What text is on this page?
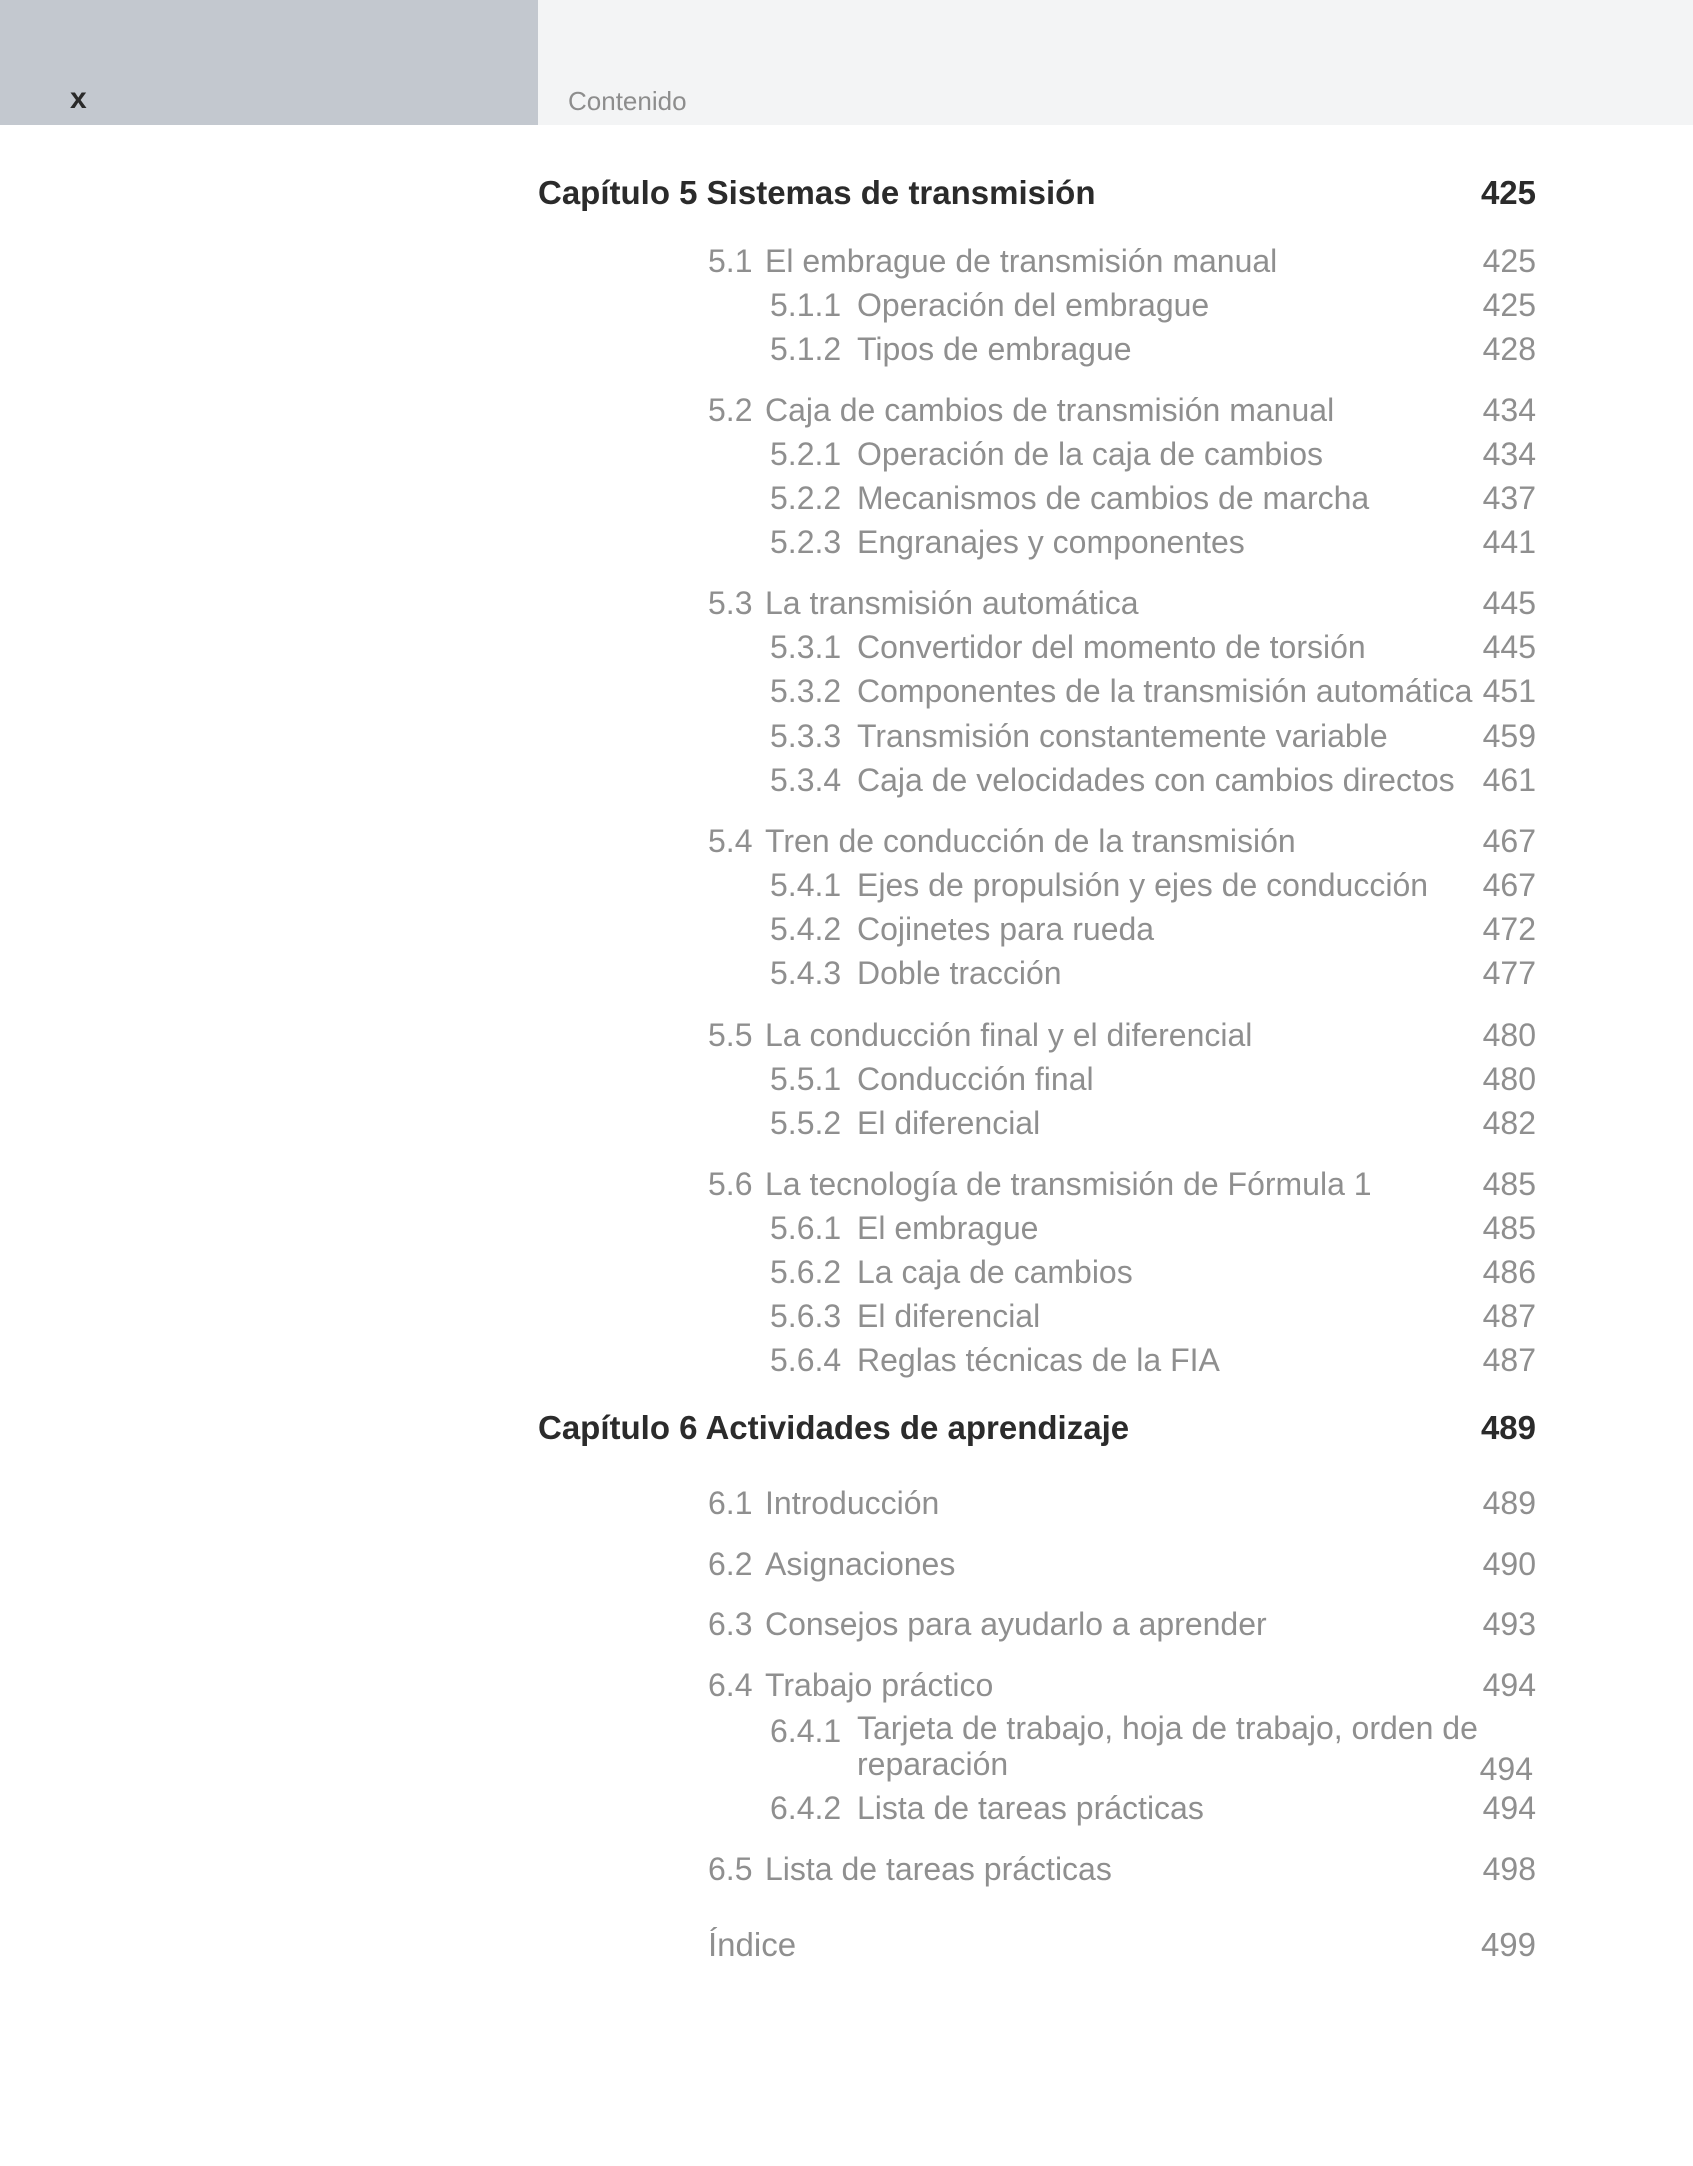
x	Contenido
Capítulo 5 Sistemas de transmisión	425
5.1 El embrague de transmisión manual	425
5.1.1 Operación del embrague	425
5.1.2 Tipos de embrague	428
5.2 Caja de cambios de transmisión manual	434
5.2.1 Operación de la caja de cambios	434
5.2.2 Mecanismos de cambios de marcha	437
5.2.3 Engranajes y componentes	441
5.3 La transmisión automática	445
5.3.1 Convertidor del momento de torsión	445
5.3.2 Componentes de la transmisión automática 451
5.3.3 Transmisión constantemente variable	459
5.3.4 Caja de velocidades con cambios directos 461
5.4 Tren de conducción de la transmisión	467
5.4.1 Ejes de propulsión y ejes de conducción 467
5.4.2 Cojinetes para rueda	472
5.4.3 Doble tracción	477
5.5 La conducción final y el diferencial	480
5.5.1 Conducción final	480
5.5.2 El diferencial	482
5.6 La tecnología de transmisión de Fórmula 1	485
5.6.1 El embrague	485
5.6.2 La caja de cambios	486
5.6.3 El diferencial	487
5.6.4 Reglas técnicas de la FIA	487
Capítulo 6 Actividades de aprendizaje	489
6.1 Introducción	489
6.2 Asignaciones	490
6.3 Consejos para ayudarlo a aprender	493
6.4 Trabajo práctico	494
6.4.1 Tarjeta de trabajo, hoja de trabajo, orden de
reparación	494
6.4.2 Lista de tareas prácticas	494
6.5 Lista de tareas prácticas	498
Índice	499
